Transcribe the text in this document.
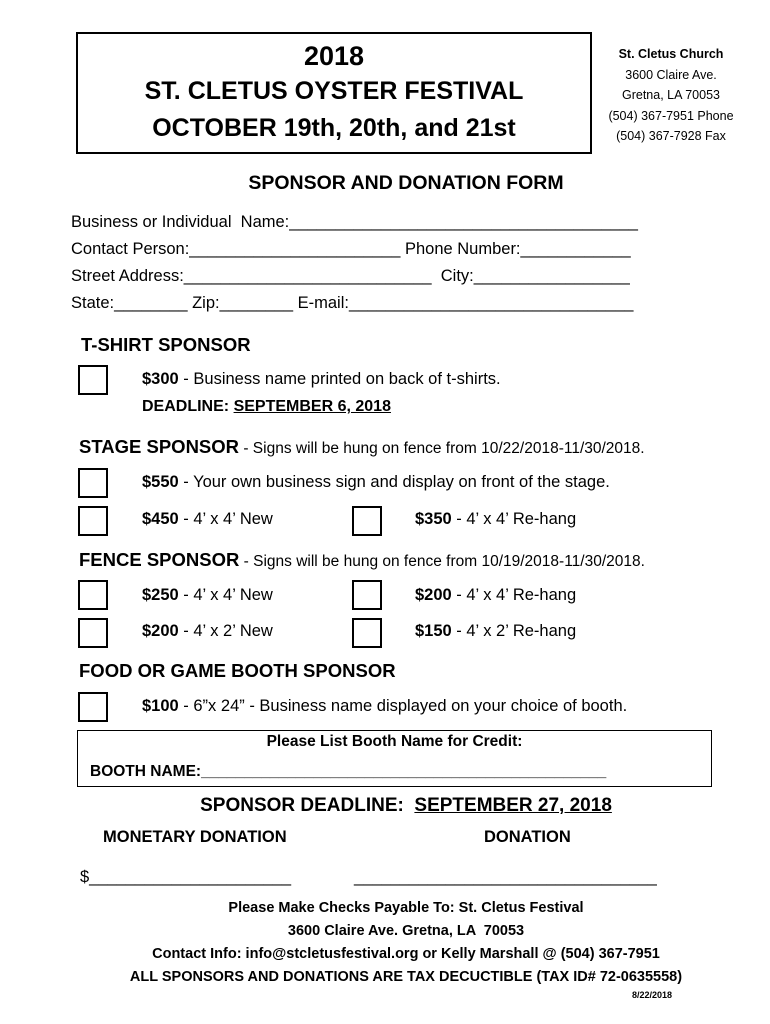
2018
ST. CLETUS OYSTER FESTIVAL
OCTOBER 19th, 20th, and 21st
St. Cletus Church
3600 Claire Ave.
Gretna, LA 70053
(504) 367-7951 Phone
(504) 367-7928 Fax
SPONSOR AND DONATION FORM
Business or Individual  Name:______________________________________
Contact Person:_______________________ Phone Number:____________
Street Address:___________________________  City:_________________
State:________ Zip:________ E-mail:_______________________________
T-SHIRT SPONSOR
$300 - Business name printed on back of t-shirts.
DEADLINE: SEPTEMBER 6, 2018
STAGE SPONSOR - Signs will be hung on fence from 10/22/2018-11/30/2018.
$550 - Your own business sign and display on front of the stage.
$450 - 4’ x 4’ New	$350 - 4’ x 4’ Re-hang
FENCE SPONSOR - Signs will be hung on fence from 10/19/2018-11/30/2018.
$250 - 4’ x 4’ New	$200 - 4’ x 4’ Re-hang
$200 - 4’ x 2’ New	$150 - 4’ x 2’ Re-hang
FOOD OR GAME BOOTH SPONSOR
$100 - 6”x 24” - Business name displayed on your choice of booth.
Please List Booth Name for Credit:
BOOTH NAME:_______________________________________________
SPONSOR DEADLINE:  SEPTEMBER 27, 2018
MONETARY DONATION	DONATION
$______________________	_________________________________
Please Make Checks Payable To: St. Cletus Festival
3600 Claire Ave. Gretna, LA  70053
Contact Info: info@stcletusfestival.org or Kelly Marshall @ (504) 367-7951
ALL SPONSORS AND DONATIONS ARE TAX DECUCTIBLE (TAX ID# 72-0635558)
8/22/2018
